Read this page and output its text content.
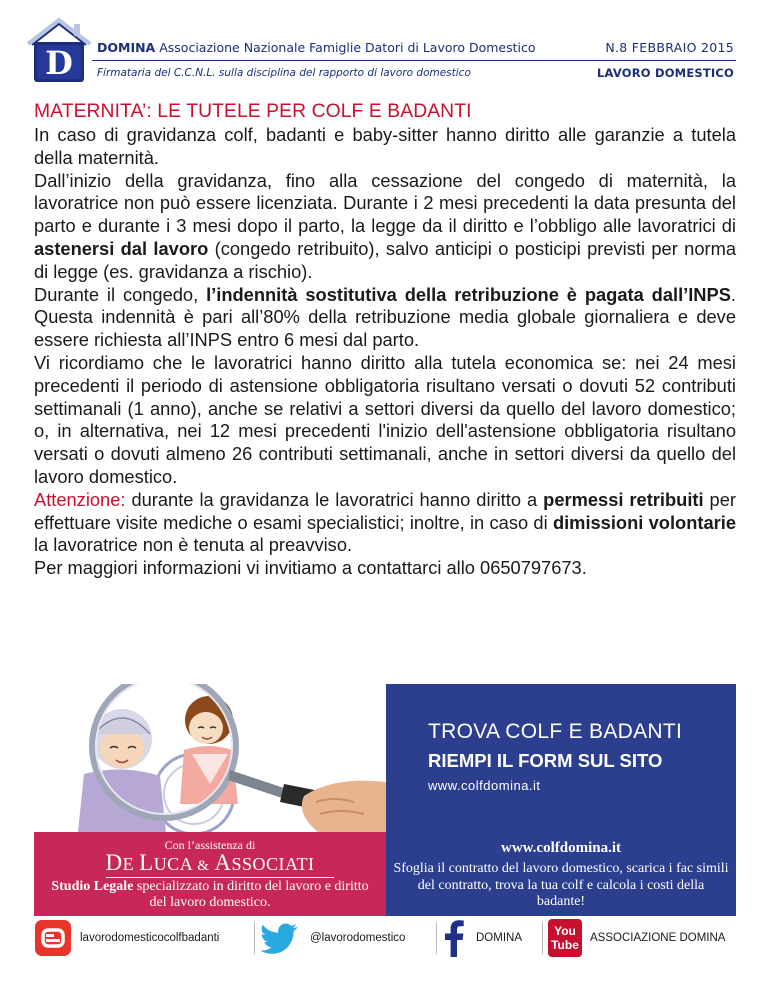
D DOMINA Associazione Nazionale Famiglie Datori di Lavoro Domestico	N.8 FEBBRAIO 2015
Firmataria del C.C.N.L. sulla disciplina del rapporto di lavoro domestico	LAVORO DOMESTICO

MATERNITA’: LE TUTELE PER COLF E BADANTI

In caso di gravidanza colf, badanti e baby-sitter hanno diritto alle garanzie a tutela della maternità.

Dall’inizio della gravidanza, fino alla cessazione del congedo di maternità, la lavoratrice non può essere licenziata. Durante i 2 mesi precedenti la data presunta del parto e durante i 3 mesi dopo il parto, la legge da il diritto e l’obbligo alle lavoratrici di astenersi dal lavoro (congedo retribuito), salvo anticipi o posticipi previsti per norma di legge (es. gravidanza a rischio).

Durante il congedo, l’indennità sostitutiva della retribuzione è pagata dall’INPS. Questa indennità è pari all’80% della retribuzione media globale giornaliera e deve essere richiesta all’INPS entro 6 mesi dal parto.

Vi ricordiamo che le lavoratrici hanno diritto alla tutela economica se: nei 24 mesi precedenti il periodo di astensione obbligatoria risultano versati o dovuti 52 contributi settimanali (1 anno), anche se relativi a settori diversi da quello del lavoro domestico; o, in alternativa, nei 12 mesi precedenti l'inizio dell'astensione obbligatoria risultano versati o dovuti almeno 26 contributi settimanali, anche in settori diversi da quello del lavoro domestico.

Attenzione: durante la gravidanza le lavoratrici hanno diritto a permessi retribuiti per effettuare visite mediche o esami specialistici; inoltre, in caso di dimissioni volontarie la lavoratrice non è tenuta al preavviso.

Per maggiori informazioni vi invitiamo a contattarci allo 0650797673.

TROVA COLF E BADANTI
RIEMPI IL FORM SUL SITO
www.colfdomina.it
Con l’assistenza di
DE LUCA & ASSOCIATI
Studio Legale specializzato in diritto del lavoro e diritto del lavoro domestico.
www.colfdomina.it
Sfoglia il contratto del lavoro domestico, scarica i fac simili del contratto, trova la tua colf e calcola i costi della badante!
lavorodomesticocolfbadanti	@lavorodomestico	DOMINA	You
Tube ASSOCIAZIONE DOMINA
